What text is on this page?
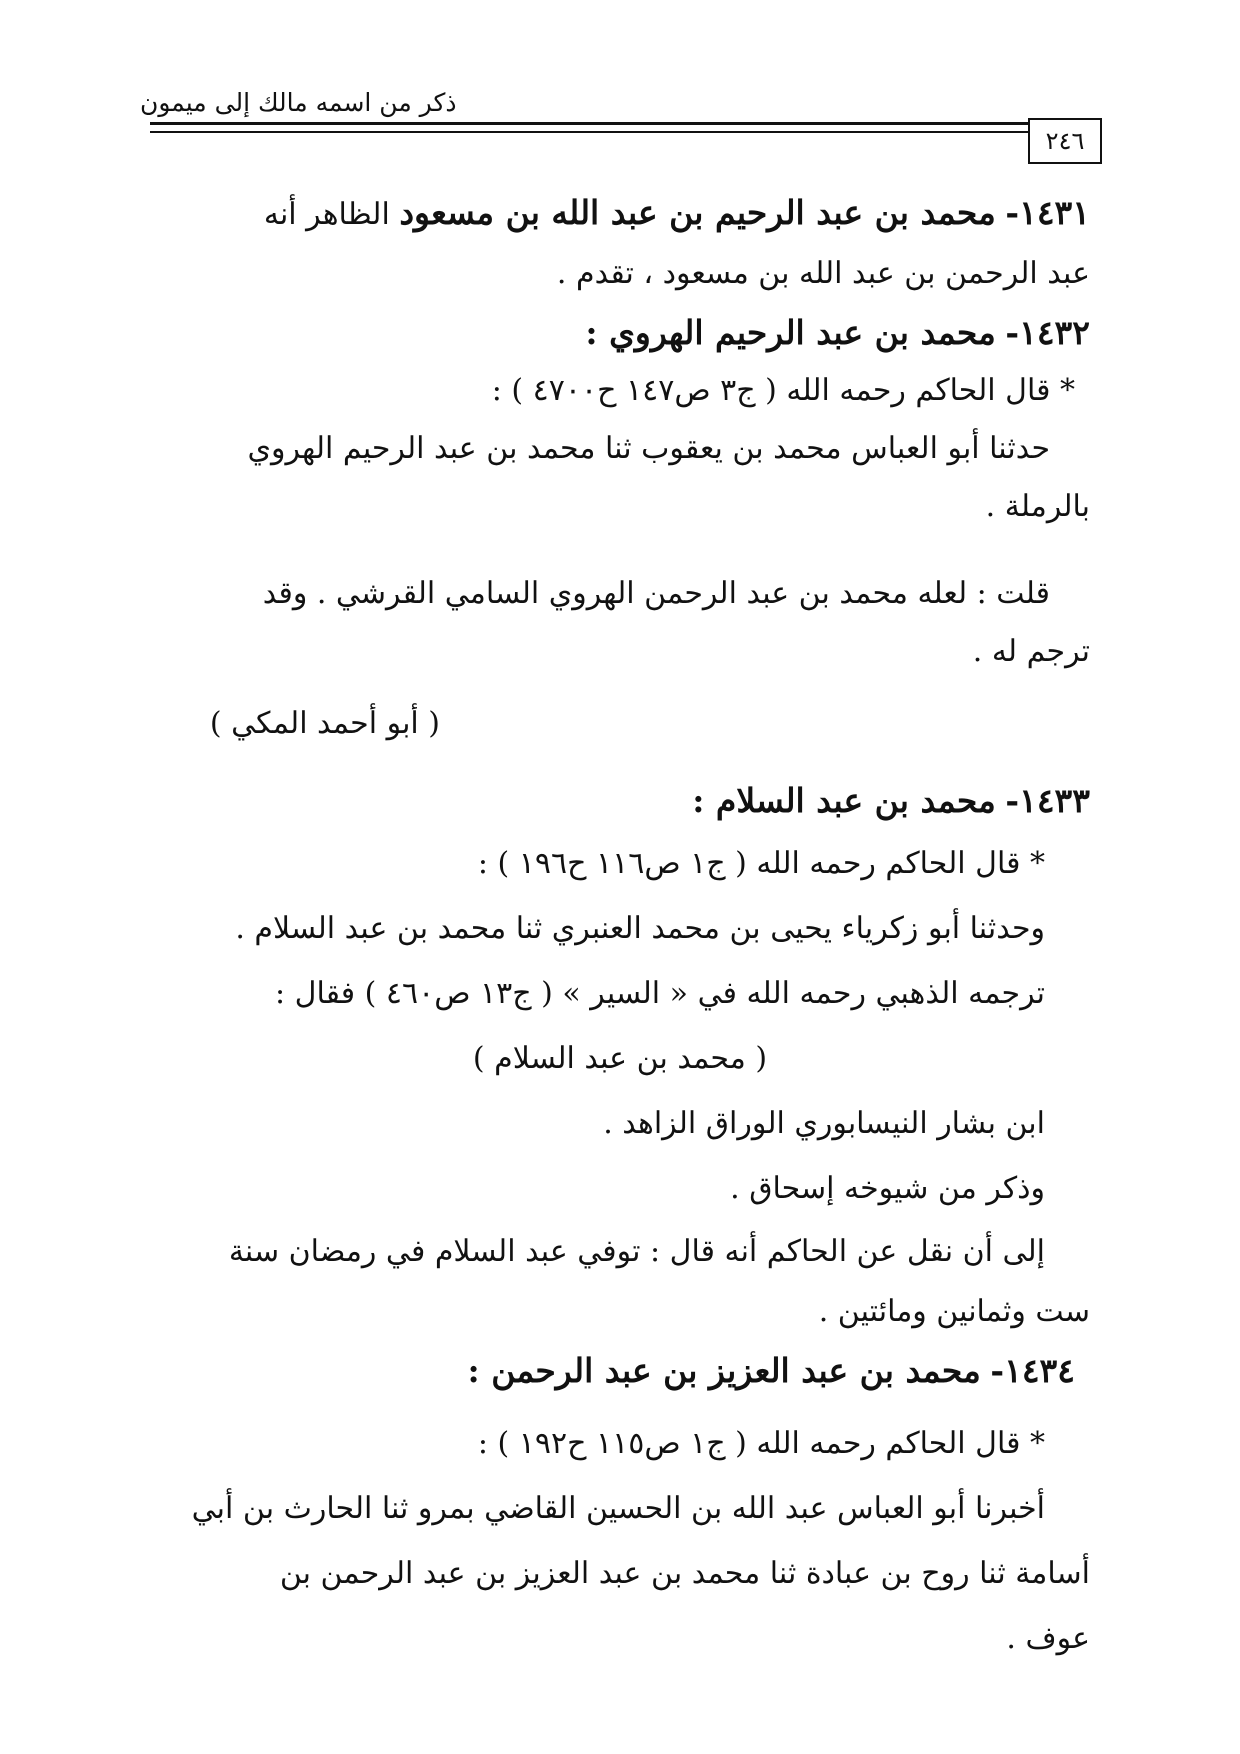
ذكر من اسمه مالك إلى ميمون
٢٤٦
١٤٣١- محمد بن عبد الرحيم بن عبد الله بن مسعود الظاهر أنه
عبد الرحمن بن عبد الله بن مسعود ، تقدم .
١٤٣٢- محمد بن عبد الرحيم الهروي :
* قال الحاكم رحمه الله ( ج٣ ص١٤٧ ح٤٧٠٠ ) :
حدثنا أبو العباس محمد بن يعقوب ثنا محمد بن عبد الرحيم الهروي
بالرملة .
قلت : لعله محمد بن عبد الرحمن الهروي السامي القرشي . وقد
ترجم له .
( أبو أحمد المكي )
١٤٣٣- محمد بن عبد السلام :
* قال الحاكم رحمه الله ( ج١ ص١١٦ ح١٩٦ ) :
وحدثنا أبو زكرياء يحيى بن محمد العنبري ثنا محمد بن عبد السلام .
ترجمه الذهبي رحمه الله في « السير » ( ج١٣ ص٤٦٠ ) فقال :
( محمد بن عبد السلام )
ابن بشار النيسابوري الوراق الزاهد .
وذكر من شيوخه إسحاق .
إلى أن نقل عن الحاكم أنه قال : توفي عبد السلام في رمضان سنة
ست وثمانين ومائتين .
١٤٣٤- محمد بن عبد العزيز بن عبد الرحمن :
* قال الحاكم رحمه الله ( ج١ ص١١٥ ح١٩٢ ) :
أخبرنا أبو العباس عبد الله بن الحسين القاضي بمرو ثنا الحارث بن أبي
أسامة ثنا روح بن عبادة ثنا محمد بن عبد العزيز بن عبد الرحمن بن
عوف .
